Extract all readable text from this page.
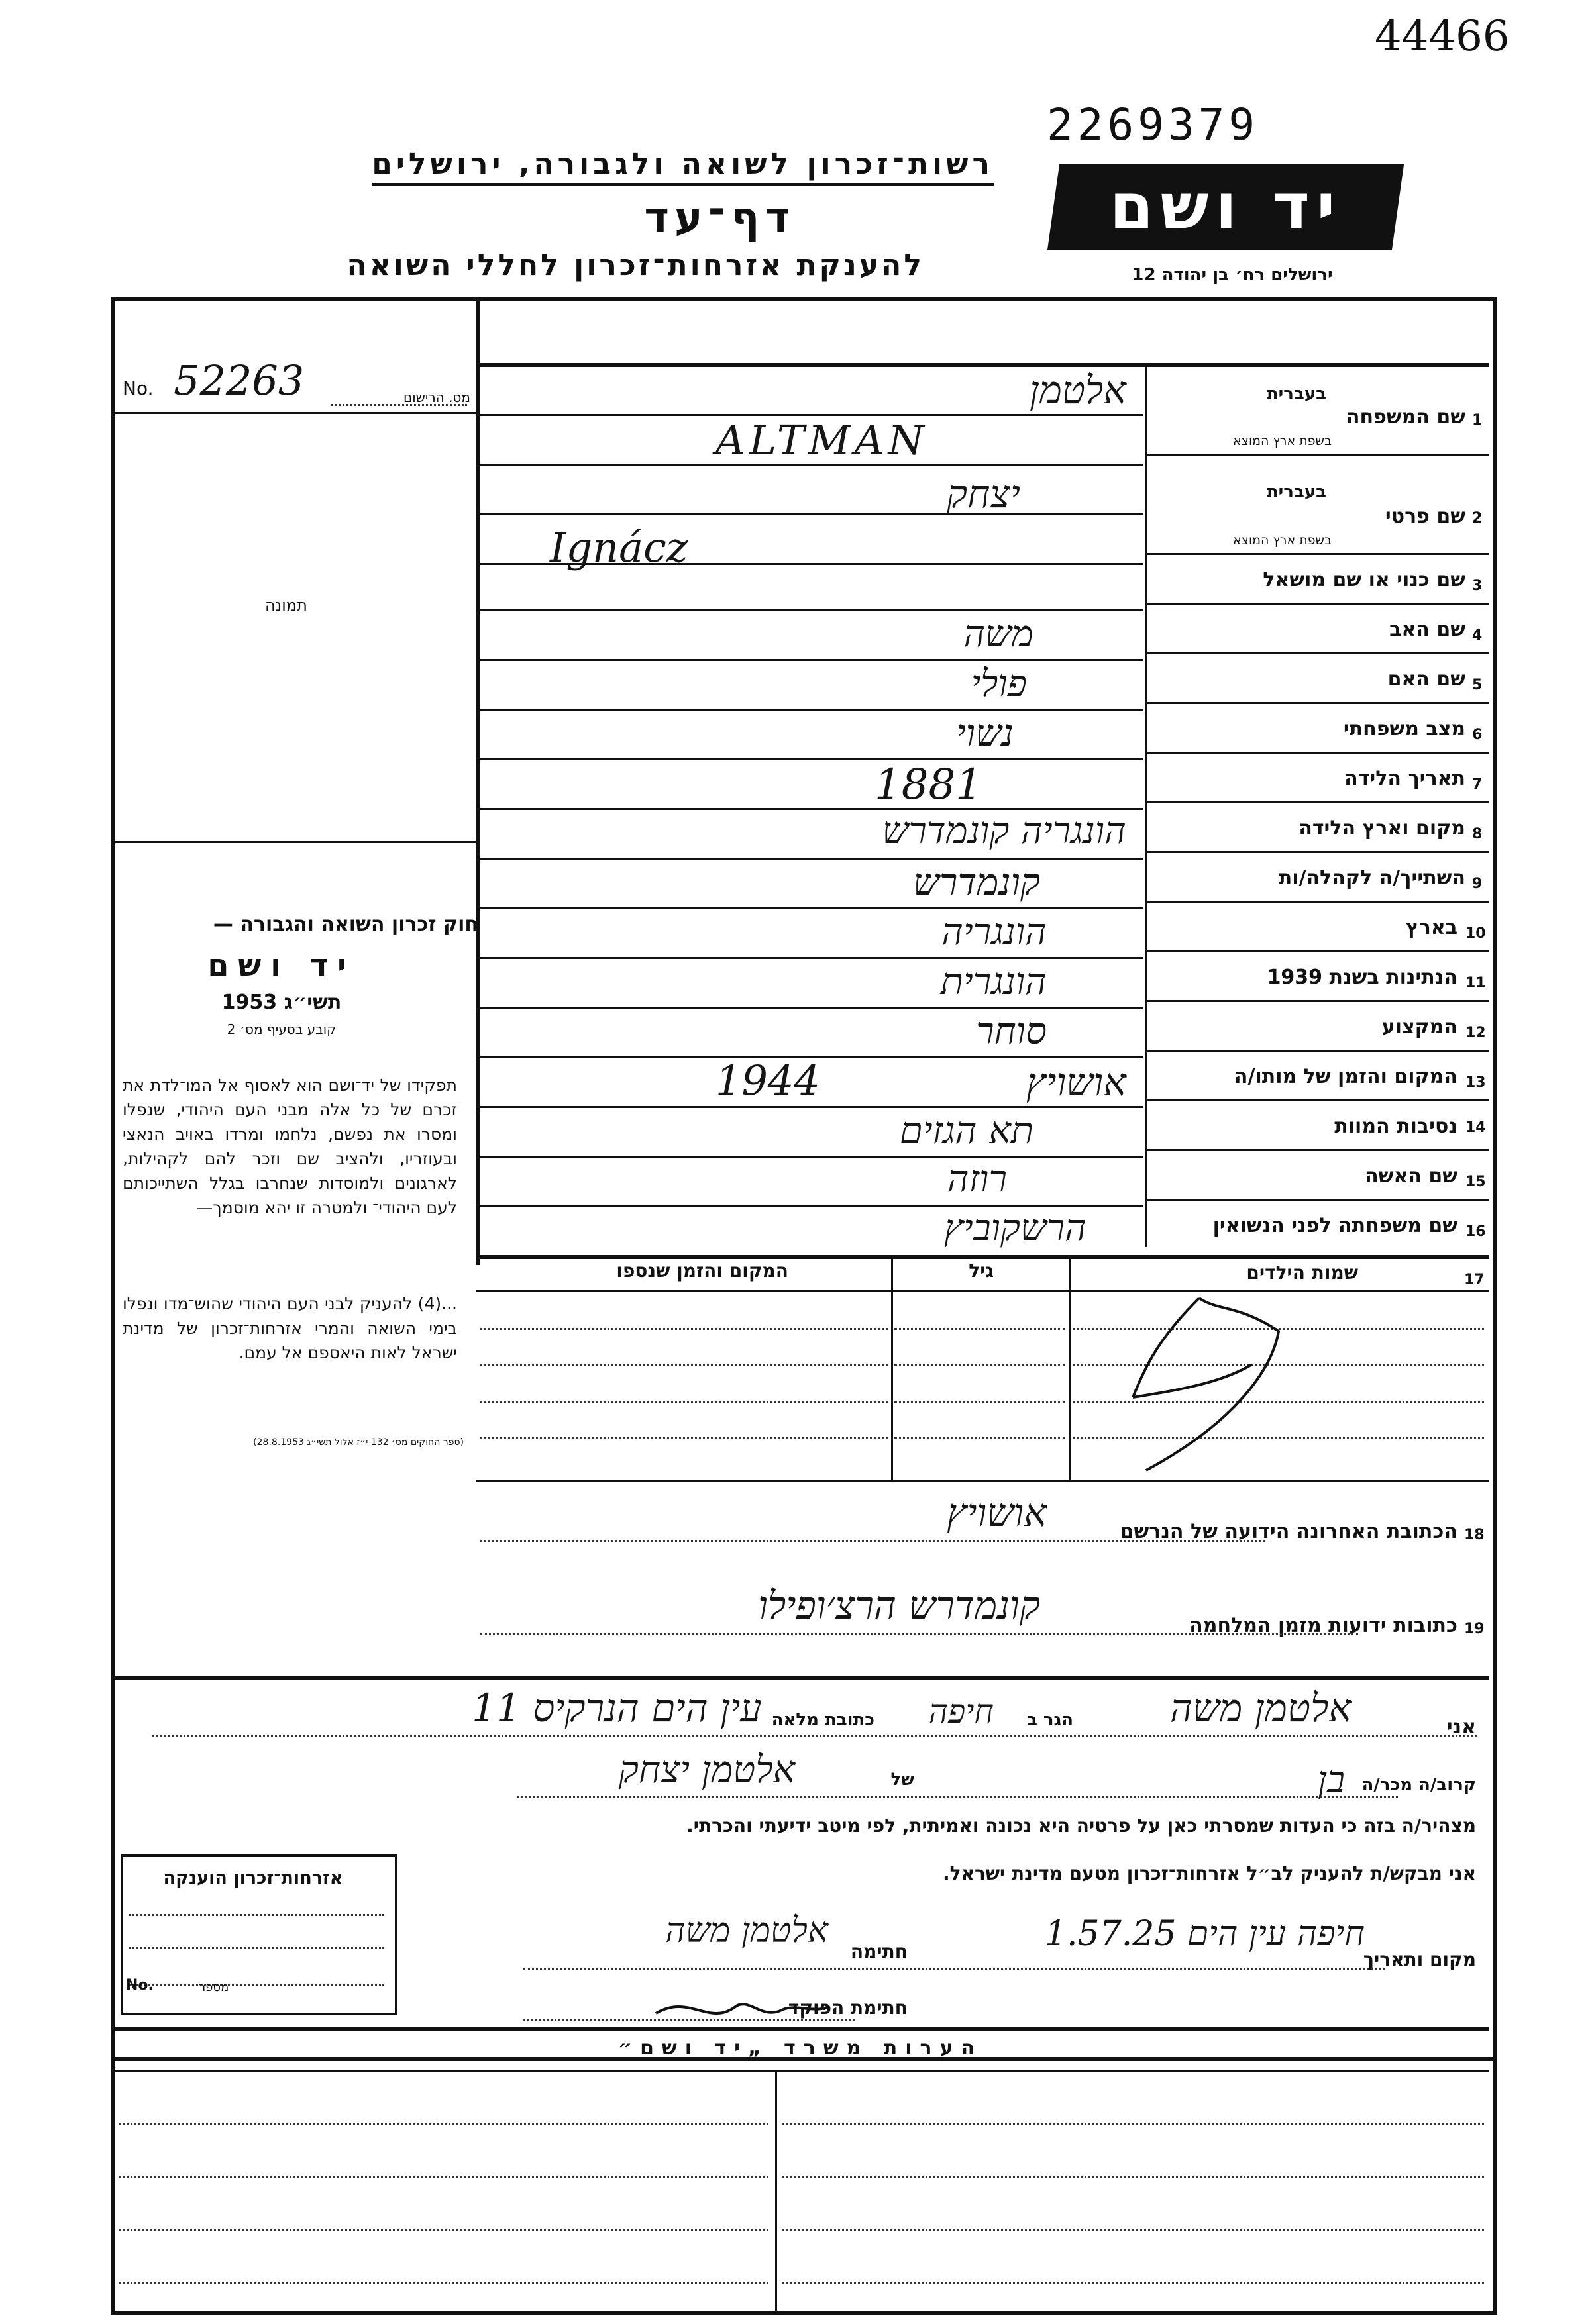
44466
2269379
רשות־זכרון לשואה ולגבורה, ירושלים
דף־עד
להענקת אזרחות־זכרון לחללי השואה
יד ושם
ירושלים רח׳ בן יהודה 12
No. 52263	מס. הרישום
תמונה
חוק זכרון השואה והגבורה —
יד ושם
תשי״ג 1953
קובע בסעיף מס׳ 2
תפקידו של יד־ושם הוא לאסוף אל המו־לדת את זכרם של כל אלה מבני העם היהודי, שנפלו ומסרו את נפשם, נלחמו ומרדו באויב הנאצי ובעוזריו, ולהציב שם וזכר להם לקהילות, לארגונים ולמוסדות שנחרבו בגלל השתייכותם לעם היהודי־ ולמטרה זו יהא מוסמך—
...(4) להעניק לבני העם היהודי שהוש־מדו ונפלו בימי השואה והמרי אזרחות־זכרון של מדינת ישראל לאות היאספם אל עמם.
(ספר החוקים מס׳ 132 י״ז אלול תשי״ג 28.8.1953)
1
שם המשפחה
בעברית
בשפת ארץ המוצא
אלטמן
ALTMAN
2
שם פרטי
בעברית
בשפת ארץ המוצא
יצחק
Ignácz
3
שם כנוי או שם מושאל
4
שם האב
משה
5
שם האם
פולי
6
מצב משפחתי
נשוי
7
תאריך הלידה
1881
8
מקום וארץ הלידה
הונגריה קונמדרש
9
השתייך/ה לקהלה/ות
קונמדרש
10
בארץ
הונגריה
11
הנתינות בשנת 1939
הונגרית
12
המקצוע
סוחר
13
המקום והזמן של מותו/ה
אושויץ
1944
14
נסיבות המוות
תא הגזים
15
שם האשה
רוזה
16
שם משפחתה לפני הנשואין
הרשקוביץ
17
שמות הילדים
גיל
המקום והזמן שנספו
18
הכתובת האחרונה הידועה של הנרשם
אושויץ
19
כתובות ידועות מזמן המלחמה
קונמדרש הרצ׳ופילו
אני
אלטמן משה
הגר ב
חיפה
כתובת מלאה
עין הים הנרקיס 11
קרוב/ה מכר/ה
בן
של
אלטמן יצחק
מצהיר/ה בזה כי העדות שמסרתי כאן על פרטיה היא נכונה ואמיתית, לפי מיטב ידיעתי והכרתי.
אני מבקש/ת להעניק לב״ל אזרחות־זכרון מטעם מדינת ישראל.
מקום ותאריך
חיפה עין הים 1.57.25
חתימה
אלטמן משה
חתימת הפוקד
אזרחות־זכרון הוענקה
No.	מספר
הערות משרד „יד ושם״
